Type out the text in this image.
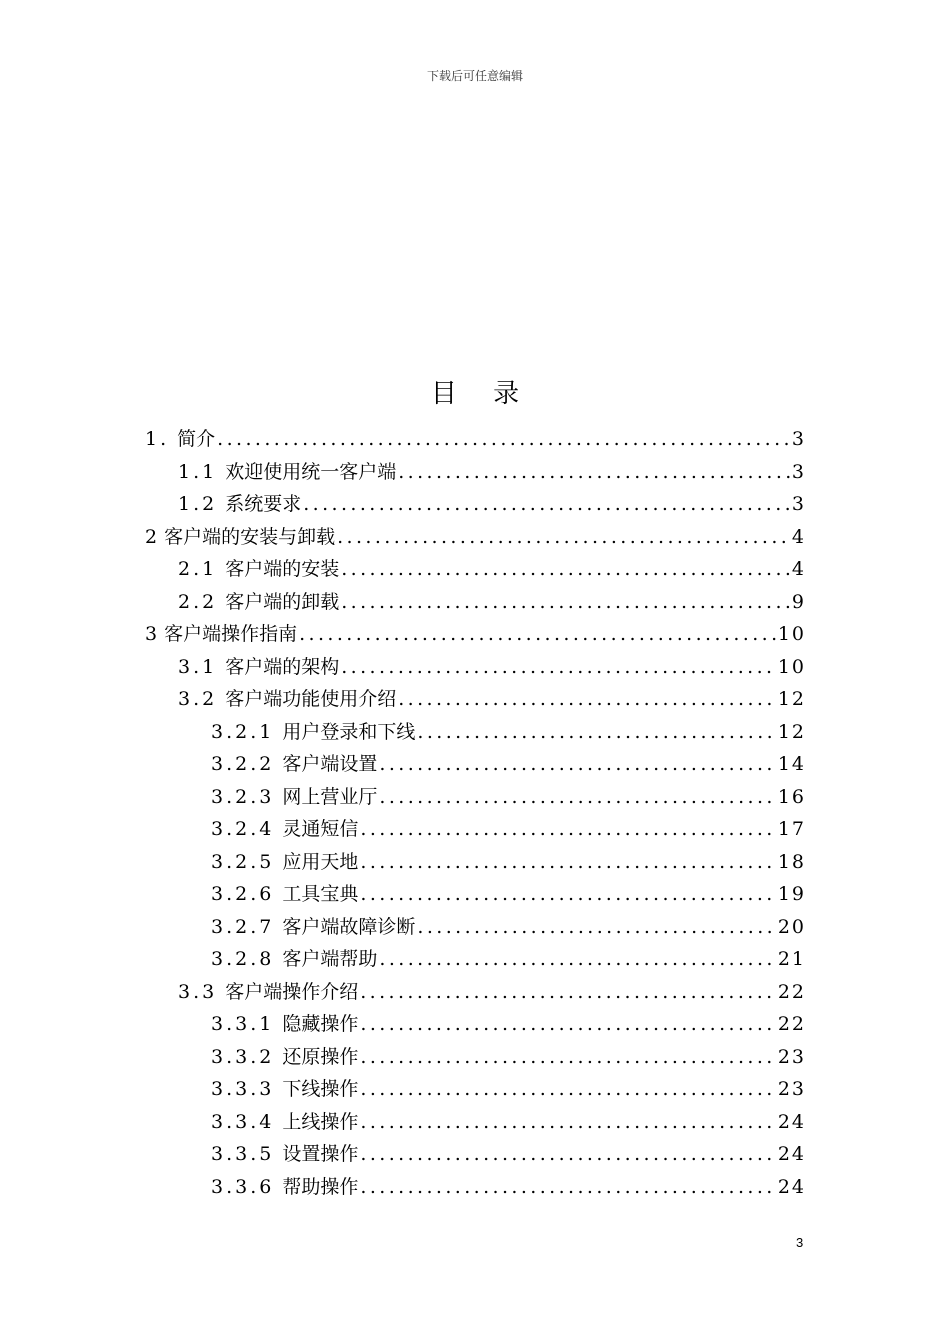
下载后可任意编辑
目 录
1. 简介 .....	3
1.1 欢迎使用统一客户端 .....	3
1.2 系统要求 .....	3
2 客户端的安装与卸载 .....	4
2.1 客户端的安装 .....	4
2.2 客户端的卸载 .....	9
3 客户端操作指南 .....	10
3.1 客户端的架构 .....	10
3.2 客户端功能使用介绍 .....	12
3.2.1 用户登录和下线 .....	12
3.2.2 客户端设置 .....	14
3.2.3 网上营业厅 .....	16
3.2.4 灵通短信 .....	17
3.2.5 应用天地 .....	18
3.2.6 工具宝典 .....	19
3.2.7 客户端故障诊断 .....	20
3.2.8 客户端帮助 .....	21
3.3 客户端操作介绍 .....	22
3.3.1 隐藏操作 .....	22
3.3.2 还原操作 .....	23
3.3.3 下线操作 .....	23
3.3.4 上线操作 .....	24
3.3.5 设置操作 .....	24
3.3.6 帮助操作 .....	24
3
